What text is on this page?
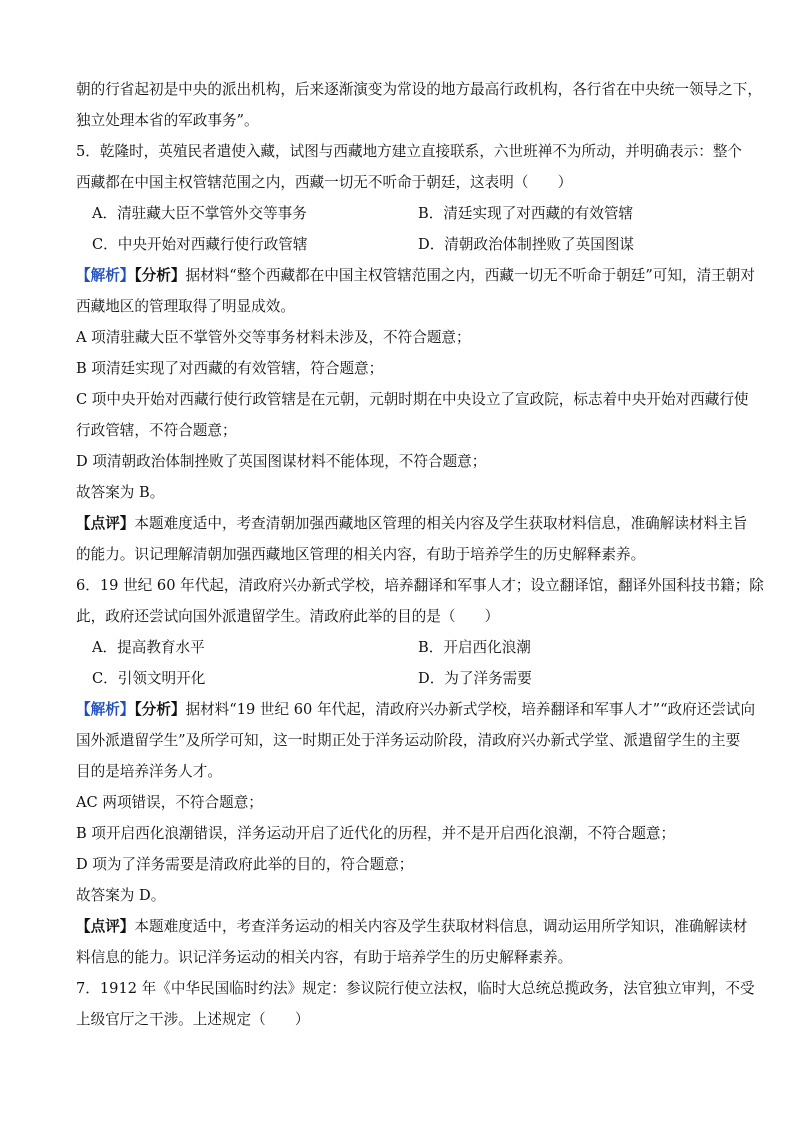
朝的行省起初是中央的派出机构，后来逐渐演变为常设的地方最高行政机构，各行省在中央统一领导之下，
独立处理本省的军政事务”。
5．乾隆时，英殖民者遣使入藏，试图与西藏地方建立直接联系，六世班禅不为所动，并明确表示：整个
西藏都在中国主权管辖范围之内，西藏一切无不听命于朝廷，这表明（　　）
A．清驻藏大臣不掌管外交等事务	B．清廷实现了对西藏的有效管辖
C．中央开始对西藏行使行政管辖	D．清朝政治体制挫败了英国图谋
【解析】【分析】据材料“整个西藏都在中国主权管辖范围之内，西藏一切无不听命于朝廷”可知，清王朝对
西藏地区的管理取得了明显成效。
A 项清驻藏大臣不掌管外交等事务材料未涉及，不符合题意；
B 项清廷实现了对西藏的有效管辖，符合题意；
C 项中央开始对西藏行使行政管辖是在元朝，元朝时期在中央设立了宣政院，标志着中央开始对西藏行使
行政管辖，不符合题意；
D 项清朝政治体制挫败了英国图谋材料不能体现，不符合题意；
故答案为 B。
【点评】本题难度适中，考查清朝加强西藏地区管理的相关内容及学生获取材料信息，准确解读材料主旨
的能力。识记理解清朝加强西藏地区管理的相关内容，有助于培养学生的历史解释素养。
6．19 世纪 60 年代起，清政府兴办新式学校，培养翻译和军事人才；设立翻译馆，翻译外国科技书籍；除
此，政府还尝试向国外派遣留学生。清政府此举的目的是（　　）
A．提高教育水平	B．开启西化浪潮
C．引领文明开化	D．为了洋务需要
【解析】【分析】据材料“19 世纪 60 年代起，清政府兴办新式学校，培养翻译和军事人才”“政府还尝试向
国外派遣留学生”及所学可知，这一时期正处于洋务运动阶段，清政府兴办新式学堂、派遣留学生的主要
目的是培养洋务人才。
AC 两项错误，不符合题意；
B 项开启西化浪潮错误，洋务运动开启了近代化的历程，并不是开启西化浪潮，不符合题意；
D 项为了洋务需要是清政府此举的目的，符合题意；
故答案为 D。
【点评】本题难度适中，考查洋务运动的相关内容及学生获取材料信息，调动运用所学知识，准确解读材
料信息的能力。识记洋务运动的相关内容，有助于培养学生的历史解释素养。
7．1912 年《中华民国临时约法》规定：参议院行使立法权，临时大总统总揽政务，法官独立审判，不受
上级官厅之干涉。上述规定（　　）
